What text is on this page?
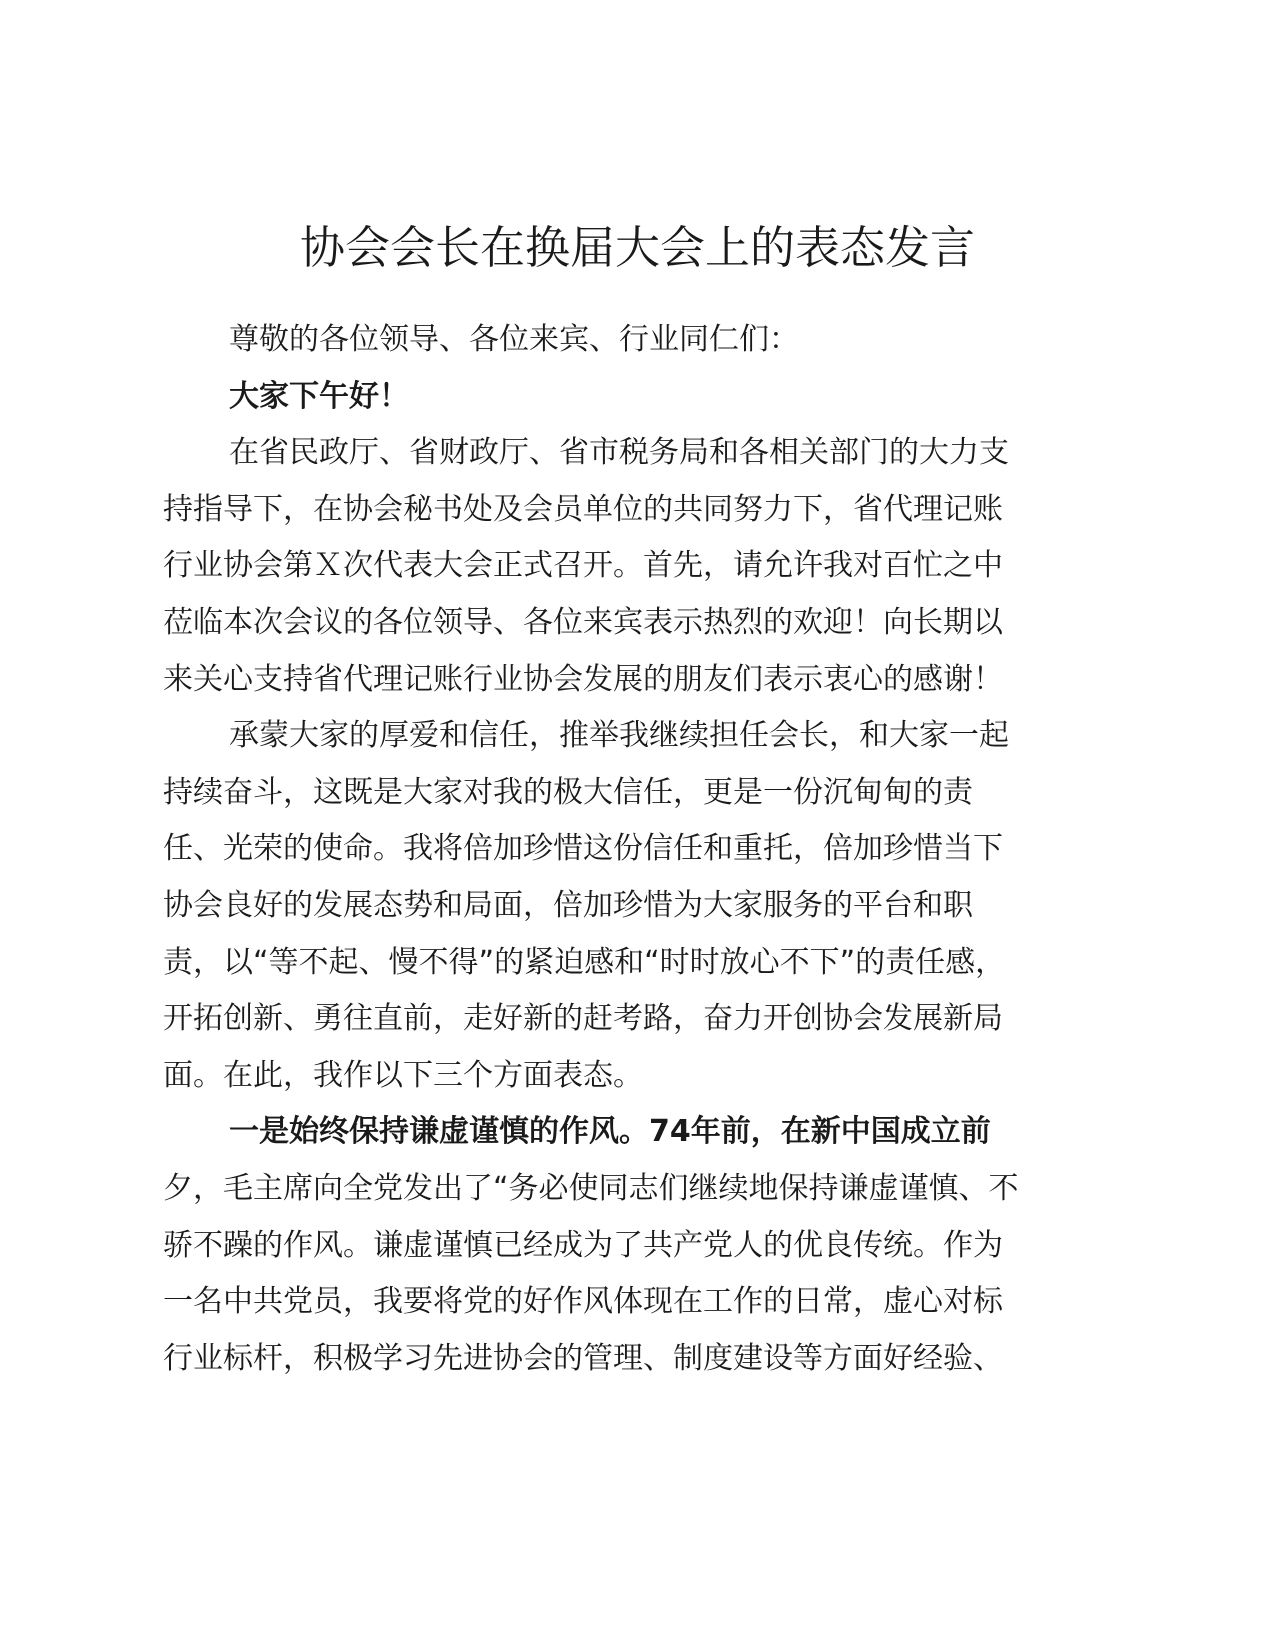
协会会长在换届大会上的表态发言
尊敬的各位领导、各位来宾、行业同仁们：
大家下午好！
在省民政厅、省财政厅、省市税务局和各相关部门的大力支
持指导下，在协会秘书处及会员单位的共同努力下，省代理记账
行业协会第Ｘ次代表大会正式召开。首先，请允许我对百忙之中
莅临本次会议的各位领导、各位来宾表示热烈的欢迎！向长期以
来关心支持省代理记账行业协会发展的朋友们表示衷心的感谢！
承蒙大家的厚爱和信任，推举我继续担任会长，和大家一起
持续奋斗，这既是大家对我的极大信任，更是一份沉甸甸的责
任、光荣的使命。我将倍加珍惜这份信任和重托，倍加珍惜当下
协会良好的发展态势和局面，倍加珍惜为大家服务的平台和职
责，以“等不起、慢不得”的紧迫感和“时时放心不下”的责任感，
开拓创新、勇往直前，走好新的赶考路，奋力开创协会发展新局
面。在此，我作以下三个方面表态。
一是始终保持谦虚谨慎的作风。74年前，在新中国成立前
夕，毛主席向全党发出了“务必使同志们继续地保持谦虚谨慎、不
骄不躁的作风。谦虚谨慎已经成为了共产党人的优良传统。作为
一名中共党员，我要将党的好作风体现在工作的日常，虚心对标
行业标杆，积极学习先进协会的管理、制度建设等方面好经验、
